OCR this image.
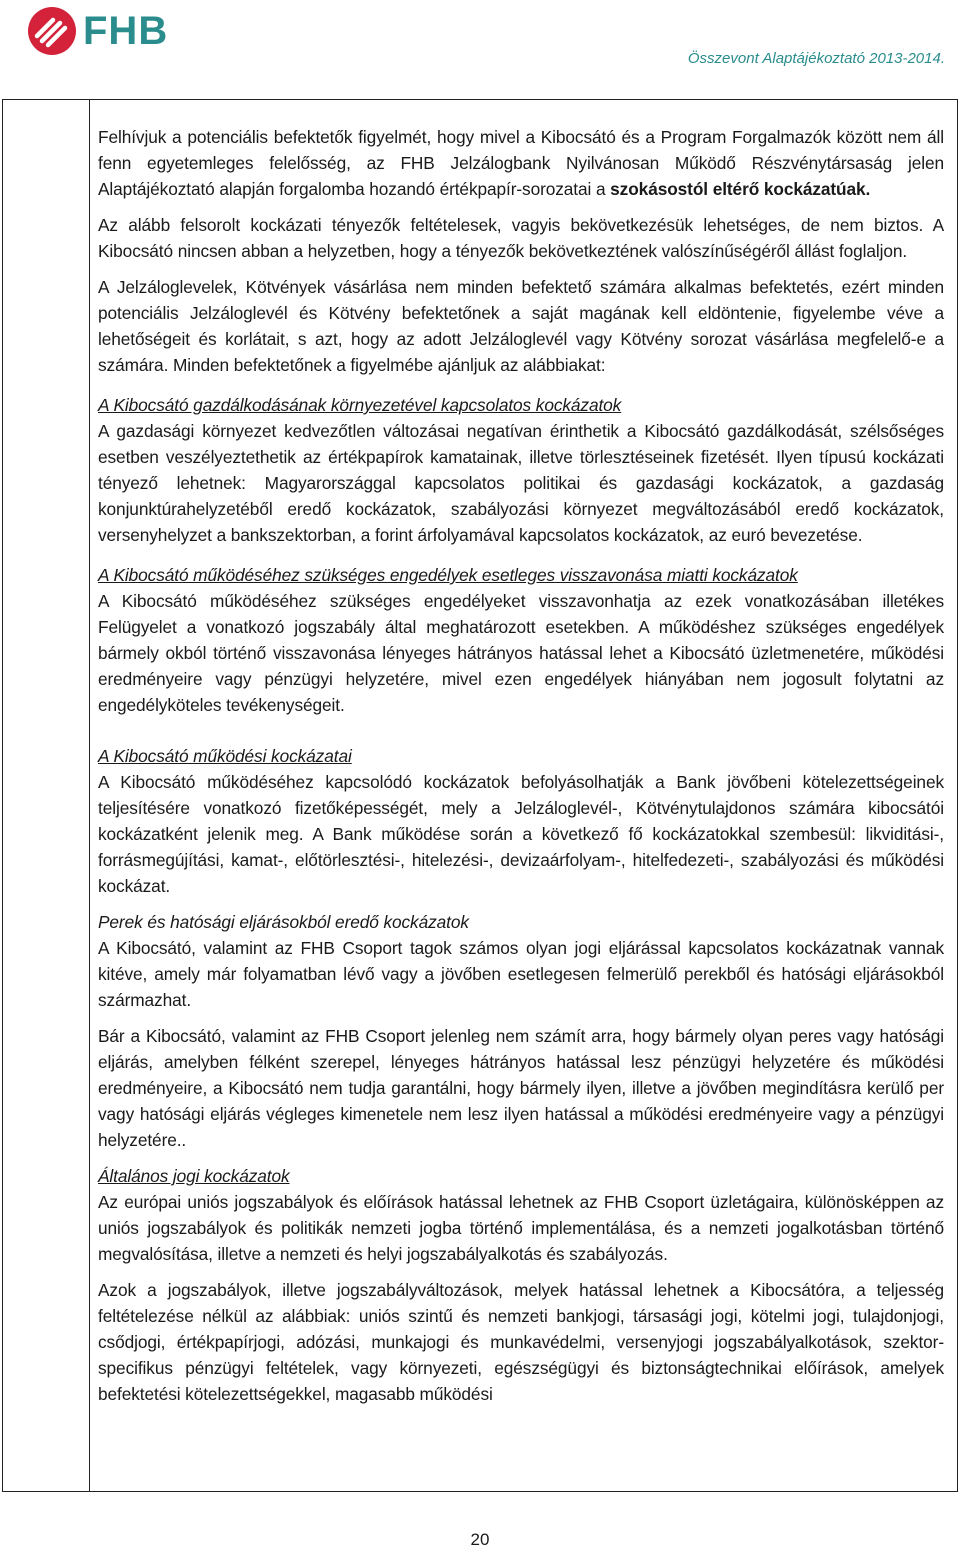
FHB
Összevont Alaptájékoztató 2013-2014.

Felhívjuk a potenciális befektetők figyelmét, hogy mivel a Kibocsátó és a Program Forgalmazók között nem áll fenn egyetemleges felelősség, az FHB Jelzálogbank Nyilvánosan Működő Részvénytársaság jelen Alaptájékoztató alapján forgalomba hozandó értékpapír-sorozatai a szokásostól eltérő kockázatúak.

Az alább felsorolt kockázati tényezők feltételesek, vagyis bekövetkezésük lehetséges, de nem biztos. A Kibocsátó nincsen abban a helyzetben, hogy a tényezők bekövetkeztének valószínűségéről állást foglaljon.

A Jelzáloglevelek, Kötvények vásárlása nem minden befektető számára alkalmas befektetés, ezért minden potenciális Jelzáloglevél és Kötvény befektetőnek a saját magának kell eldöntenie, figyelembe véve a lehetőségeit és korlátait, s azt, hogy az adott Jelzáloglevél vagy Kötvény sorozat vásárlása megfelelő-e a számára. Minden befektetőnek a figyelmébe ajánljuk az alábbiakat:

A Kibocsátó gazdálkodásának környezetével kapcsolatos kockázatok

A gazdasági környezet kedvezőtlen változásai negatívan érinthetik a Kibocsátó gazdálkodását, szélsőséges esetben veszélyeztethetik az értékpapírok kamatainak, illetve törlesztéseinek fizetését. Ilyen típusú kockázati tényező lehetnek: Magyarországgal kapcsolatos politikai és gazdasági kockázatok, a gazdaság konjunktúrahelyzetéből eredő kockázatok, szabályozási környezet megváltozásából eredő kockázatok, versenyhelyzet a bankszektorban, a forint árfolyamával kapcsolatos kockázatok, az euró bevezetése.

A Kibocsátó működéséhez szükséges engedélyek esetleges visszavonása miatti kockázatok

A Kibocsátó működéséhez szükséges engedélyeket visszavonhatja az ezek vonatkozásában illetékes Felügyelet a vonatkozó jogszabály által meghatározott esetekben. A működéshez szükséges engedélyek bármely okból történő visszavonása lényeges hátrányos hatással lehet a Kibocsátó üzletmenetére, működési eredményeire vagy pénzügyi helyzetére, mivel ezen engedélyek hiányában nem jogosult folytatni az engedélyköteles tevékenységeit.

A Kibocsátó működési kockázatai

A Kibocsátó működéséhez kapcsolódó kockázatok befolyásolhatják a Bank jövőbeni kötelezettségeinek teljesítésére vonatkozó fizetőképességét, mely a Jelzáloglevél-, Kötvénytulajdonos számára kibocsátói kockázatként jelenik meg. A Bank működése során a következő fő kockázatokkal szembesül: likviditási-, forrásmegújítási, kamat-, előtörlesztési-, hitelezési-, devizaárfolyam-, hitelfedezeti-, szabályozási és működési kockázat.

Perek és hatósági eljárásokból eredő kockázatok

A Kibocsátó, valamint az FHB Csoport tagok számos olyan jogi eljárással kapcsolatos kockázatnak vannak kitéve, amely már folyamatban lévő vagy a jövőben esetlegesen felmerülő perekből és hatósági eljárásokból származhat.

Bár a Kibocsátó, valamint az FHB Csoport jelenleg nem számít arra, hogy bármely olyan peres vagy hatósági eljárás, amelyben félként szerepel, lényeges hátrányos hatással lesz pénzügyi helyzetére és működési eredményeire, a Kibocsátó nem tudja garantálni, hogy bármely ilyen, illetve a jövőben megindításra kerülő per vagy hatósági eljárás végleges kimenetele nem lesz ilyen hatással a működési eredményeire vagy a pénzügyi helyzetére..

Általános jogi kockázatok

Az európai uniós jogszabályok és előírások hatással lehetnek az FHB Csoport üzletágaira, különösképpen az uniós jogszabályok és politikák nemzeti jogba történő implementálása, és a nemzeti jogalkotásban történő megvalósítása, illetve a nemzeti és helyi jogszabályalkotás és szabályozás.

Azok a jogszabályok, illetve jogszabályváltozások, melyek hatással lehetnek a Kibocsátóra, a teljesség feltételezése nélkül az alábbiak: uniós szintű és nemzeti bankjogi, társasági jogi, kötelmi jogi, tulajdonjogi, csődjogi, értékpapírjogi, adózási, munkajogi és munkavédelmi, versenyjogi jogszabályalkotások, szektor-specifikus pénzügyi feltételek, vagy környezeti, egészségügyi és biztonságtechnikai előírások, amelyek befektetési kötelezettségekkel, magasabb működési

20
